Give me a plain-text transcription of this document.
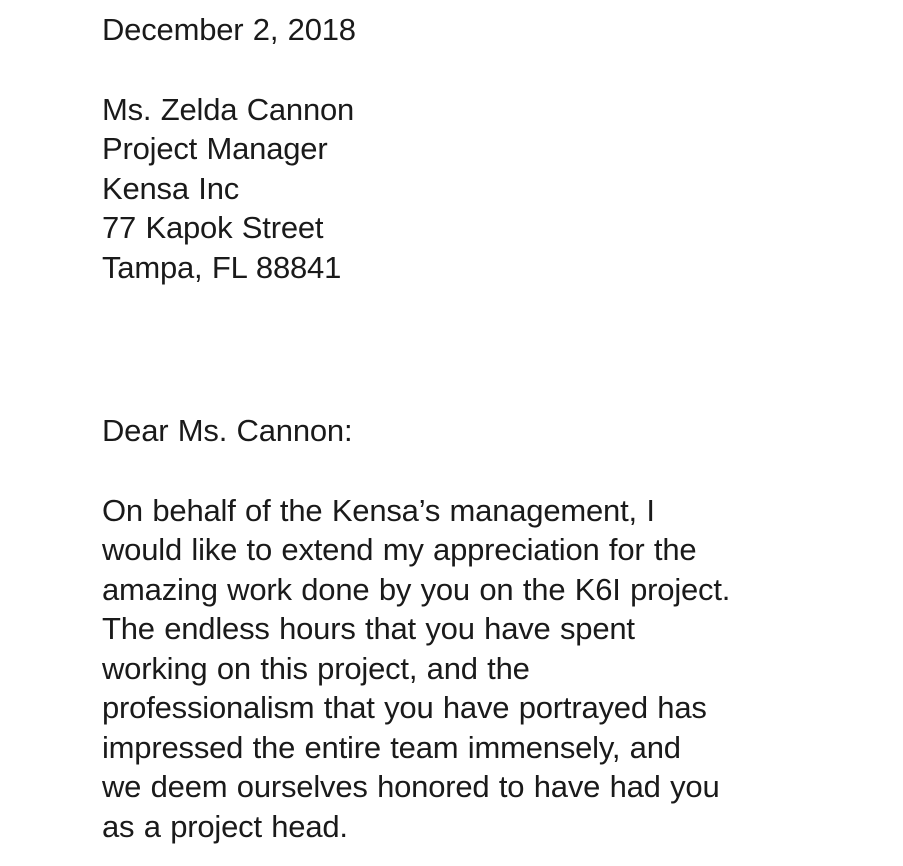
December 2, 2018
Ms. Zelda Cannon
Project Manager
Kensa Inc
77 Kapok Street
Tampa, FL 88841
Dear Ms. Cannon:
On behalf of the Kensa’s management, I
would like to extend my appreciation for the
amazing work done by you on the K6I project.
The endless hours that you have spent
working on this project, and the
professionalism that you have portrayed has
impressed the entire team immensely, and
we deem ourselves honored to have had you
as a project head.
